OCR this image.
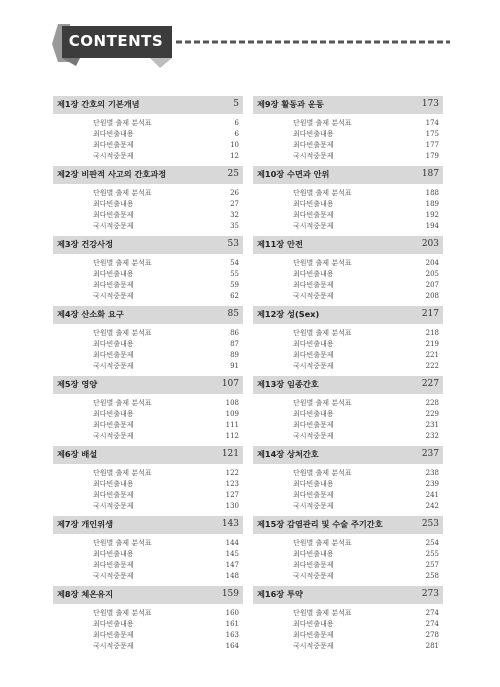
CONTENTS
제1장 간호의 기본개념	5
단원별 출제 분석표	6
최다빈출내용	6
최다빈출문제	10
국시적중문제	12
제2장 비판적 사고의 간호과정	25
단원별 출제 분석표	26
최다빈출내용	27
최다빈출문제	32
국시적중문제	35
제3장 건강사정	53
단원별 출제 분석표	54
최다빈출내용	55
최다빈출문제	59
국시적중문제	62
제4장 산소화 요구	85
단원별 출제 분석표	86
최다빈출내용	87
최다빈출문제	89
국시적중문제	91
제5장 영양	107
단원별 출제 분석표	108
최다빈출내용	109
최다빈출문제	111
국시적중문제	112
제6장 배설	121
단원별 출제 분석표	122
최다빈출내용	123
최다빈출문제	127
국시적중문제	130
제7장 개인위생	143
단원별 출제 분석표	144
최다빈출내용	145
최다빈출문제	147
국시적중문제	148
제8장 체온유지	159
단원별 출제 분석표	160
최다빈출내용	161
최다빈출문제	163
국시적중문제	164
제9장 활동과 운동	173
단원별 출제 분석표	174
최다빈출내용	175
최다빈출문제	177
국시적중문제	179
제10장 수면과 안위	187
단원별 출제 분석표	188
최다빈출내용	189
최다빈출문제	192
국시적중문제	194
제11장 안전	203
단원별 출제 분석표	204
최다빈출내용	205
최다빈출문제	207
국시적중문제	208
제12장 성(Sex)	217
단원별 출제 분석표	218
최다빈출내용	219
최다빈출문제	221
국시적중문제	222
제13장 임종간호	227
단원별 출제 분석표	228
최다빈출내용	229
최다빈출문제	231
국시적중문제	232
제14장 상처간호	237
단원별 출제 분석표	238
최다빈출내용	239
최다빈출문제	241
국시적중문제	242
제15장 감염관리 및 수술 주기간호	253
단원별 출제 분석표	254
최다빈출내용	255
최다빈출문제	257
국시적중문제	258
제16장 투약	273
단원별 출제 분석표	274
최다빈출내용	274
최다빈출문제	278
국시적중문제	281
